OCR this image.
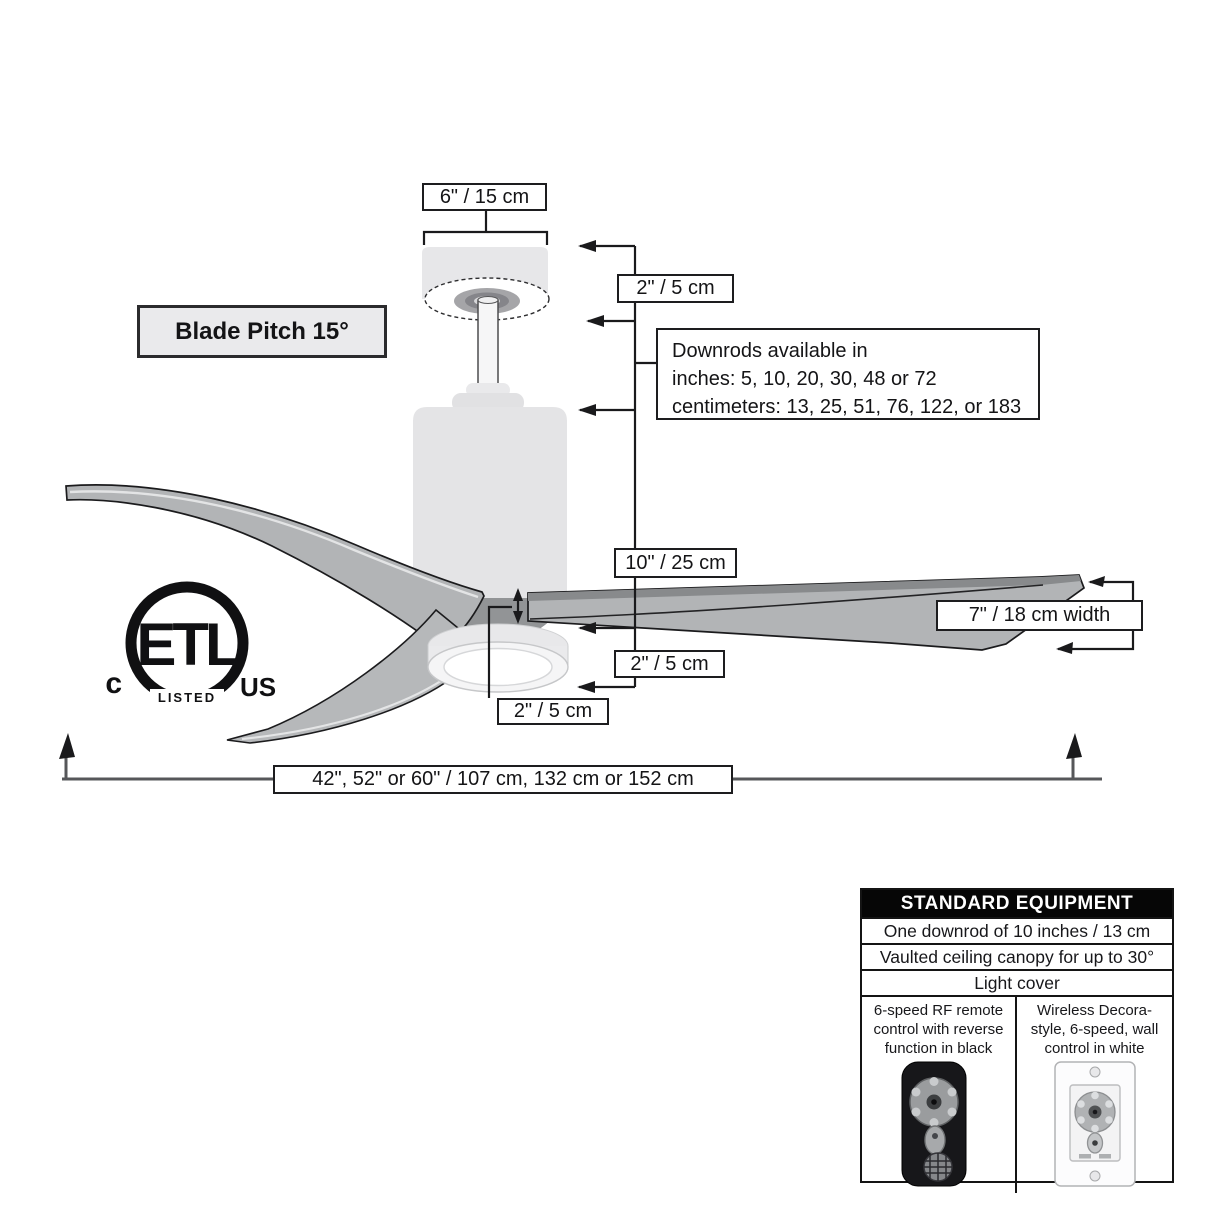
ETL
LISTED
c	US
6" / 15 cm
2" / 5 cm
Blade Pitch 15°
Downrods available in
inches: 5, 10, 20, 30, 48 or 72
centimeters: 13, 25, 51, 76, 122, or 183
10" / 25 cm
7" / 18 cm width
2" / 5 cm
2" / 5 cm
42", 52" or 60" / 107 cm, 132 cm or 152 cm
STANDARD EQUIPMENT
One downrod of 10 inches / 13 cm
Vaulted ceiling canopy for up to 30°
Light cover
6-speed RF remote control with reverse function in black
Wireless Decora-style, 6-speed, wall control in white
